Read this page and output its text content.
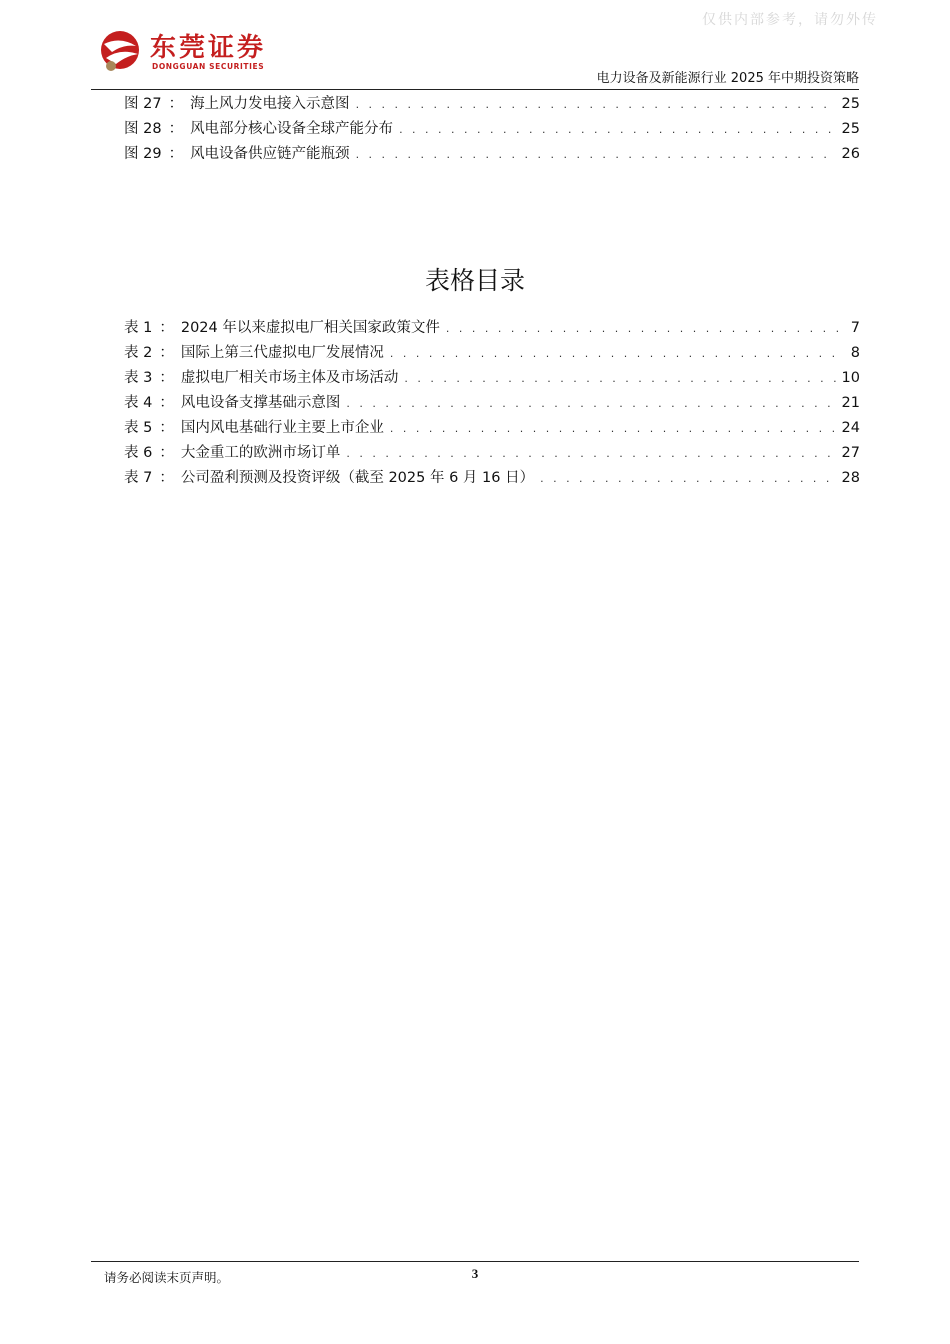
仅供内部参考，请勿外传
东莞证券
DONGGUAN SECURITIES
电力设备及新能源行业 2025 年中期投资策略
图 27 ： 海上风力发电接入示意图 . . .	25
图 28 ： 风电部分核心设备全球产能分布 . . .	25
图 29 ： 风电设备供应链产能瓶颈 . . .	26
表格目录
表 1 ： 2024 年以来虚拟电厂相关国家政策文件 . . .	7
表 2 ： 国际上第三代虚拟电厂发展情况 . . .	8
表 3 ： 虚拟电厂相关市场主体及市场活动 . . .	10
表 4 ： 风电设备支撑基础示意图 . . .	21
表 5 ： 国内风电基础行业主要上市企业 . . .	24
表 6 ： 大金重工的欧洲市场订单 . . .	27
表 7 ： 公司盈利预测及投资评级（截至 2025 年 6 月 16 日） . . .	28
请务必阅读末页声明。	3
